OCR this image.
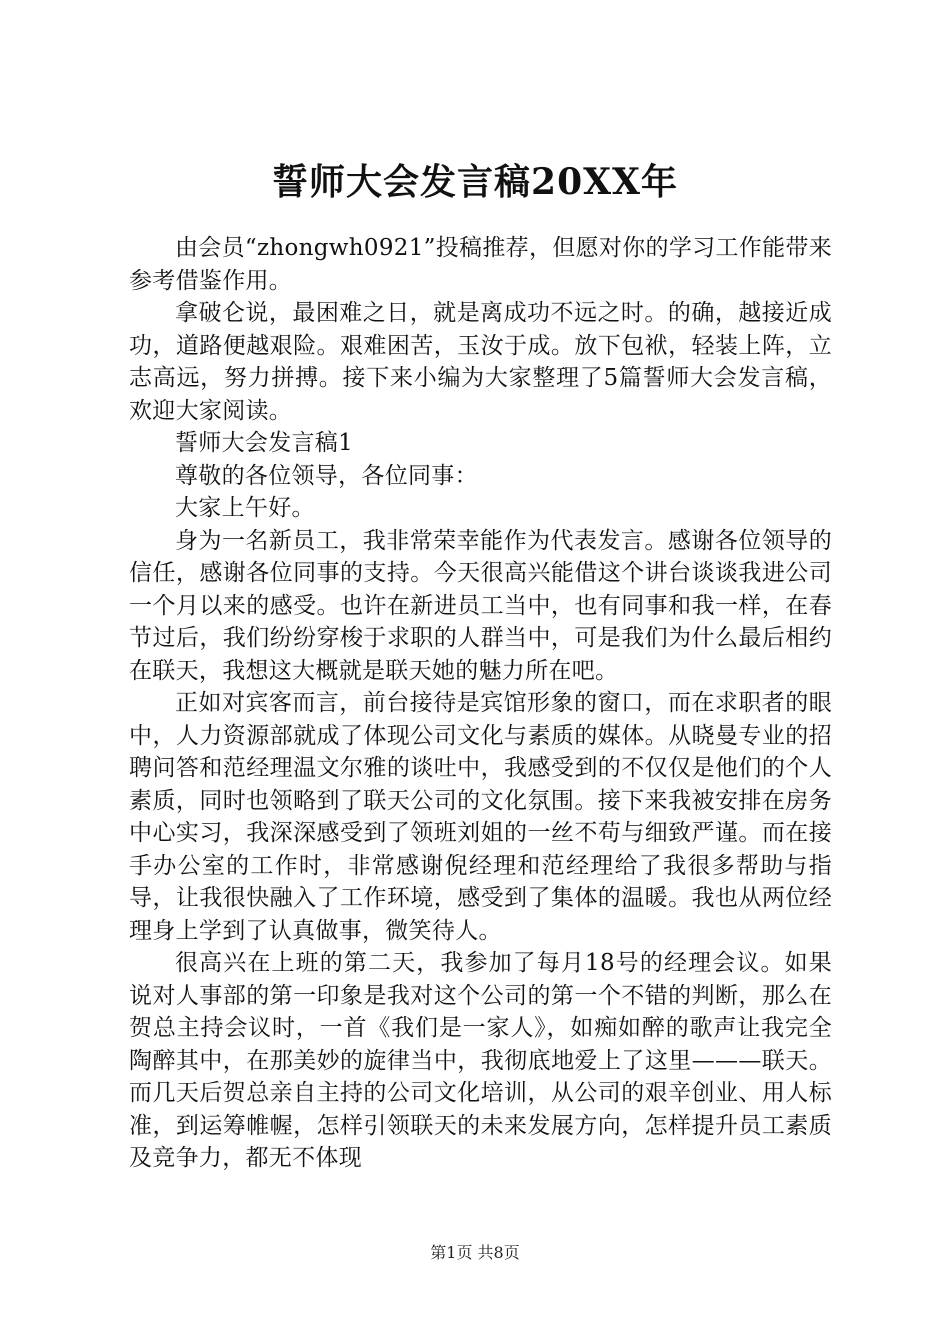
誓师大会发言稿20XX年

由会员“zhongwh0921”投稿推荐，但愿对你的学习工作能带来参考借鉴作用。

拿破仑说，最困难之日，就是离成功不远之时。的确，越接近成功，道路便越艰险。艰难困苦，玉汝于成。放下包袱，轻装上阵，立志高远，努力拼搏。接下来小编为大家整理了5篇誓师大会发言稿，欢迎大家阅读。

誓师大会发言稿1

尊敬的各位领导，各位同事：

大家上午好。

身为一名新员工，我非常荣幸能作为代表发言。感谢各位领导的信任，感谢各位同事的支持。今天很高兴能借这个讲台谈谈我进公司一个月以来的感受。也许在新进员工当中，也有同事和我一样，在春节过后，我们纷纷穿梭于求职的人群当中，可是我们为什么最后相约在联天，我想这大概就是联天她的魅力所在吧。

正如对宾客而言，前台接待是宾馆形象的窗口，而在求职者的眼中，人力资源部就成了体现公司文化与素质的媒体。从晓曼专业的招聘问答和范经理温文尔雅的谈吐中，我感受到的不仅仅是他们的个人素质，同时也领略到了联天公司的文化氛围。接下来我被安排在房务中心实习，我深深感受到了领班刘姐的一丝不苟与细致严谨。而在接手办公室的工作时，非常感谢倪经理和范经理给了我很多帮助与指导，让我很快融入了工作环境，感受到了集体的温暖。我也从两位经理身上学到了认真做事，微笑待人。

很高兴在上班的第二天，我参加了每月18号的经理会议。如果说对人事部的第一印象是我对这个公司的第一个不错的判断，那么在贺总主持会议时，一首《我们是一家人》，如痴如醉的歌声让我完全陶醉其中，在那美妙的旋律当中，我彻底地爱上了这里———联天。而几天后贺总亲自主持的公司文化培训，从公司的艰辛创业、用人标准，到运筹帷幄，怎样引领联天的未来发展方向，怎样提升员工素质及竞争力，都无不体现

第1页 共8页
